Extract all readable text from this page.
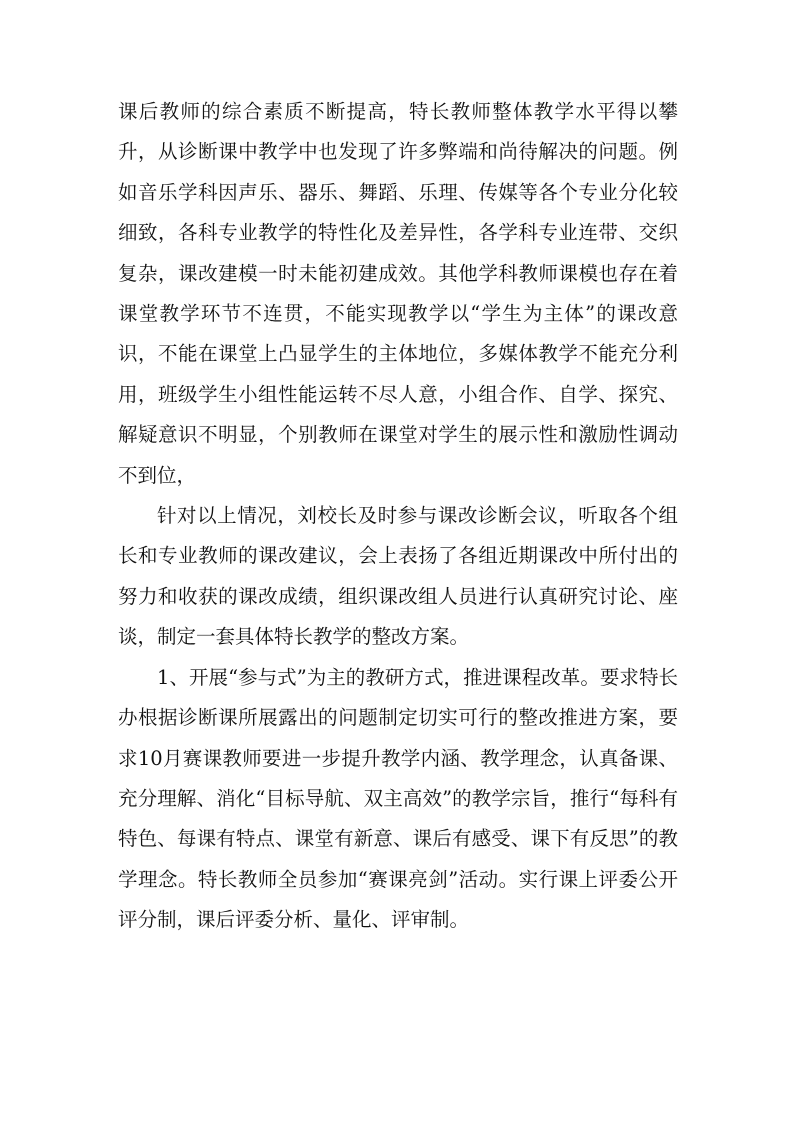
课后教师的综合素质不断提高，特长教师整体教学水平得以攀升，从诊断课中教学中也发现了许多弊端和尚待解决的问题。例如音乐学科因声乐、器乐、舞蹈、乐理、传媒等各个专业分化较细致，各科专业教学的特性化及差异性，各学科专业连带、交织复杂，课改建模一时未能初建成效。其他学科教师课模也存在着课堂教学环节不连贯，不能实现教学以“学生为主体”的课改意识，不能在课堂上凸显学生的主体地位，多媒体教学不能充分利用，班级学生小组性能运转不尽人意，小组合作、自学、探究、解疑意识不明显，个别教师在课堂对学生的展示性和激励性调动不到位，

针对以上情况，刘校长及时参与课改诊断会议，听取各个组长和专业教师的课改建议，会上表扬了各组近期课改中所付出的努力和收获的课改成绩，组织课改组人员进行认真研究讨论、座谈，制定一套具体特长教学的整改方案。

1、开展“参与式”为主的教研方式，推进课程改革。要求特长办根据诊断课所展露出的问题制定切实可行的整改推进方案，要求10月赛课教师要进一步提升教学内涵、教学理念，认真备课、充分理解、消化“目标导航、双主高效”的教学宗旨，推行“每科有特色、每课有特点、课堂有新意、课后有感受、课下有反思”的教学理念。特长教师全员参加“赛课亮剑”活动。实行课上评委公开评分制，课后评委分析、量化、评审制。
